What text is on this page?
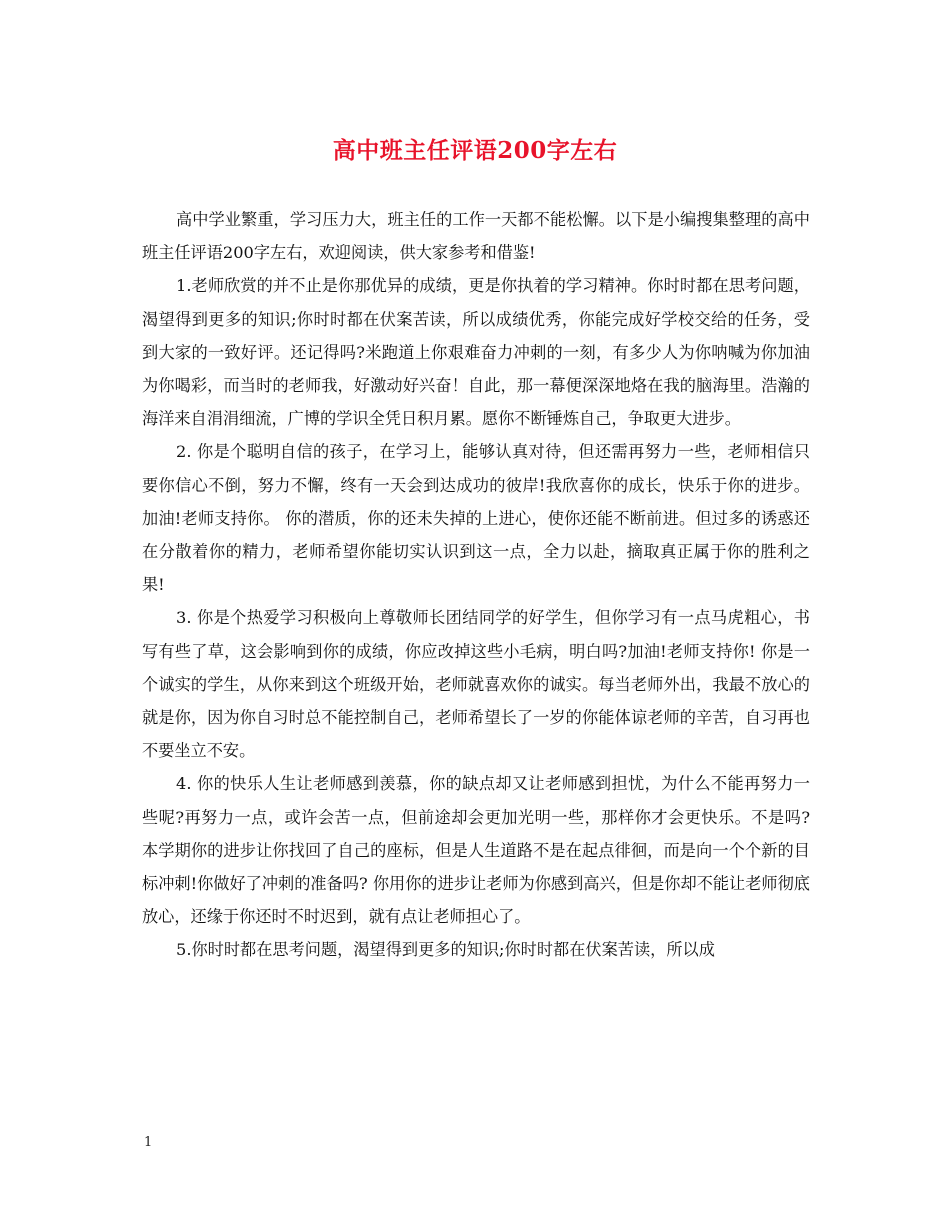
高中班主任评语200字左右

高中学业繁重，学习压力大，班主任的工作一天都不能松懈。以下是小编搜集整理的高中班主任评语200字左右，欢迎阅读，供大家参考和借鉴!

1.老师欣赏的并不止是你那优异的成绩，更是你执着的学习精神。你时时都在思考问题，渴望得到更多的知识;你时时都在伏案苦读，所以成绩优秀，你能完成好学校交给的任务，受到大家的一致好评。还记得吗?米跑道上你艰难奋力冲刺的一刻，有多少人为你呐喊为你加油为你喝彩，而当时的老师我，好激动好兴奋！自此，那一幕便深深地烙在我的脑海里。浩瀚的海洋来自涓涓细流，广博的学识全凭日积月累。愿你不断锤炼自己，争取更大进步。

2. 你是个聪明自信的孩子，在学习上，能够认真对待，但还需再努力一些，老师相信只要你信心不倒，努力不懈，终有一天会到达成功的彼岸!我欣喜你的成长，快乐于你的进步。加油!老师支持你。 你的潜质，你的还未失掉的上进心，使你还能不断前进。但过多的诱惑还在分散着你的精力，老师希望你能切实认识到这一点，全力以赴，摘取真正属于你的胜利之果!

3. 你是个热爱学习积极向上尊敬师长团结同学的好学生，但你学习有一点马虎粗心，书写有些了草，这会影响到你的成绩，你应改掉这些小毛病，明白吗?加油!老师支持你! 你是一个诚实的学生，从你来到这个班级开始，老师就喜欢你的诚实。每当老师外出，我最不放心的就是你，因为你自习时总不能控制自己，老师希望长了一岁的你能体谅老师的辛苦，自习再也不要坐立不安。

4. 你的快乐人生让老师感到羡慕，你的缺点却又让老师感到担忧，为什么不能再努力一些呢?再努力一点，或许会苦一点，但前途却会更加光明一些，那样你才会更快乐。不是吗? 本学期你的进步让你找回了自己的座标，但是人生道路不是在起点徘徊，而是向一个个新的目标冲刺!你做好了冲刺的准备吗? 你用你的进步让老师为你感到高兴，但是你却不能让老师彻底放心，还缘于你还时不时迟到，就有点让老师担心了。

5.你时时都在思考问题，渴望得到更多的知识;你时时都在伏案苦读，所以成

1
